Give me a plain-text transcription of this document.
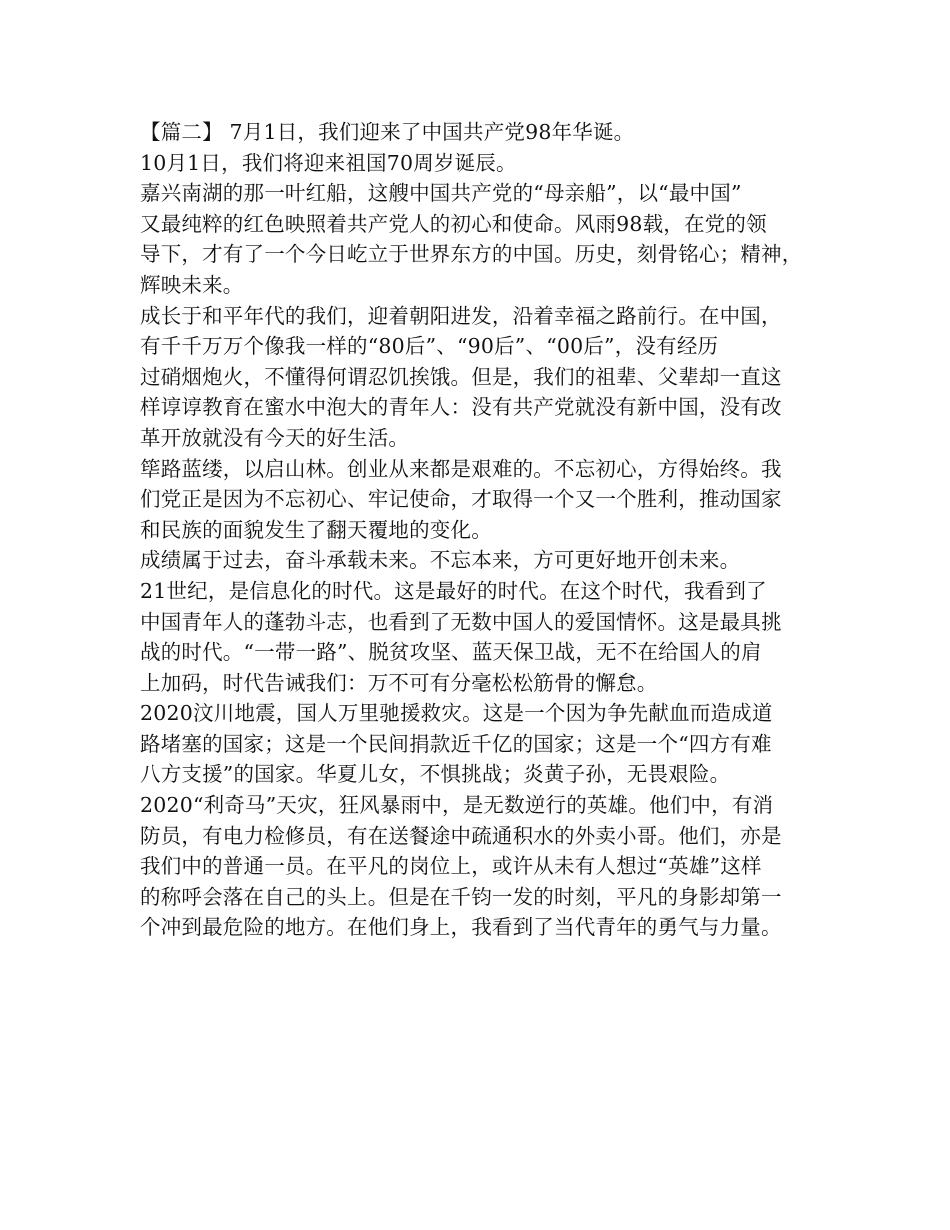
【篇二】 7月1日，我们迎来了中国共产党98年华诞。
10月1日，我们将迎来祖国70周岁诞辰。
嘉兴南湖的那一叶红船，这艘中国共产党的“母亲船”，以“最中国”
又最纯粹的红色映照着共产党人的初心和使命。风雨98载，在党的领
导下，才有了一个今日屹立于世界东方的中国。历史，刻骨铭心；精神，
辉映未来。
成长于和平年代的我们，迎着朝阳进发，沿着幸福之路前行。在中国，
有千千万万个像我一样的“80后”、“90后”、“00后”，没有经历
过硝烟炮火，不懂得何谓忍饥挨饿。但是，我们的祖辈、父辈却一直这
样谆谆教育在蜜水中泡大的青年人：没有共产党就没有新中国，没有改
革开放就没有今天的好生活。
筚路蓝缕，以启山林。创业从来都是艰难的。不忘初心，方得始终。我
们党正是因为不忘初心、牢记使命，才取得一个又一个胜利，推动国家
和民族的面貌发生了翻天覆地的变化。
成绩属于过去，奋斗承载未来。不忘本来，方可更好地开创未来。
21世纪，是信息化的时代。这是最好的时代。在这个时代，我看到了
中国青年人的蓬勃斗志，也看到了无数中国人的爱国情怀。这是最具挑
战的时代。“一带一路”、脱贫攻坚、蓝天保卫战，无不在给国人的肩
上加码，时代告诫我们：万不可有分毫松松筋骨的懈怠。
2020汶川地震，国人万里驰援救灾。这是一个因为争先献血而造成道
路堵塞的国家；这是一个民间捐款近千亿的国家；这是一个“四方有难
八方支援”的国家。华夏儿女，不惧挑战；炎黄子孙，无畏艰险。
2020“利奇马”天灾，狂风暴雨中，是无数逆行的英雄。他们中，有消
防员，有电力检修员，有在送餐途中疏通积水的外卖小哥。他们，亦是
我们中的普通一员。在平凡的岗位上，或许从未有人想过“英雄”这样
的称呼会落在自己的头上。但是在千钧一发的时刻，平凡的身影却第一
个冲到最危险的地方。在他们身上，我看到了当代青年的勇气与力量。
